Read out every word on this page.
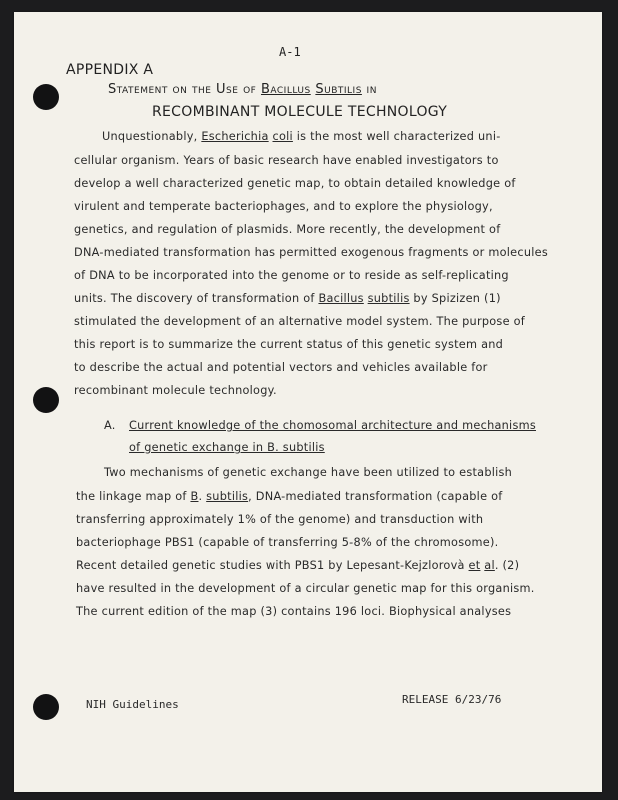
A-1
APPENDIX A
Statement on the Use of Bacillus Subtilis in
RECOMBINANT MOLECULE TECHNOLOGY
Unquestionably, Escherichia coli is the most well characterized uni-
cellular organism. Years of basic research have enabled investigators to
develop a well characterized genetic map, to obtain detailed knowledge of
virulent and temperate bacteriophages, and to explore the physiology,
genetics, and regulation of plasmids. More recently, the development of
DNA-mediated transformation has permitted exogenous fragments or molecules
of DNA to be incorporated into the genome or to reside as self-replicating
units. The discovery of transformation of Bacillus subtilis by Spizizen (1)
stimulated the development of an alternative model system. The purpose of
this report is to summarize the current status of this genetic system and
to describe the actual and potential vectors and vehicles available for
recombinant molecule technology.
A. Current knowledge of the chomosomal architecture and mechanisms
of genetic exchange in B. subtilis
Two mechanisms of genetic exchange have been utilized to establish
the linkage map of B. subtilis, DNA-mediated transformation (capable of
transferring approximately 1% of the genome) and transduction with
bacteriophage PBS1 (capable of transferring 5-8% of the chromosome).
Recent detailed genetic studies with PBS1 by Lepesant-Kejzlorovà et al. (2)
have resulted in the development of a circular genetic map for this organism.
The current edition of the map (3) contains 196 loci. Biophysical analyses
NIH Guidelines	RELEASE 6/23/76
